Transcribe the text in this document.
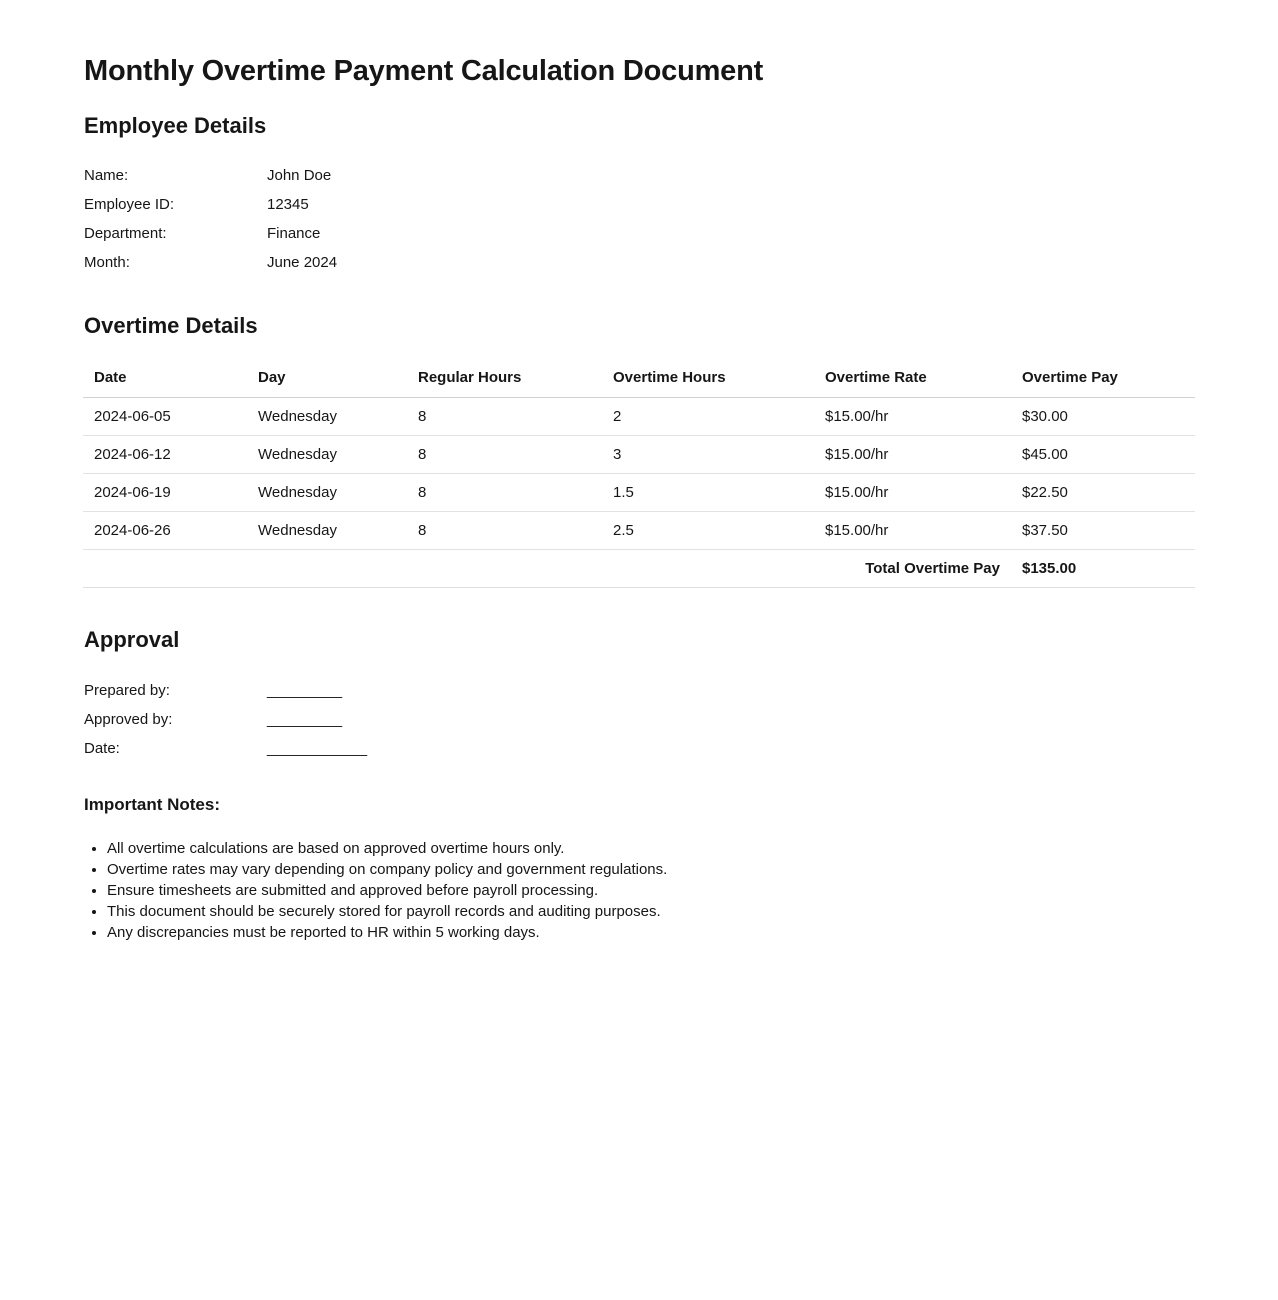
Monthly Overtime Payment Calculation Document
Employee Details
Name:	John Doe
Employee ID:	12345
Department:	Finance
Month:	June 2024
Overtime Details
Date	Day	Regular Hours	Overtime Hours	Overtime Rate	Overtime Pay
2024-06-05	Wednesday	8	2	$15.00/hr	$30.00
2024-06-12	Wednesday	8	3	$15.00/hr	$45.00
2024-06-19	Wednesday	8	1.5	$15.00/hr	$22.50
2024-06-26	Wednesday	8	2.5	$15.00/hr	$37.50
				Total Overtime Pay	$135.00
Approval
Prepared by:	_________
Approved by:	_________
Date:	____________
Important Notes:
• All overtime calculations are based on approved overtime hours only.
• Overtime rates may vary depending on company policy and government regulations.
• Ensure timesheets are submitted and approved before payroll processing.
• This document should be securely stored for payroll records and auditing purposes.
• Any discrepancies must be reported to HR within 5 working days.
